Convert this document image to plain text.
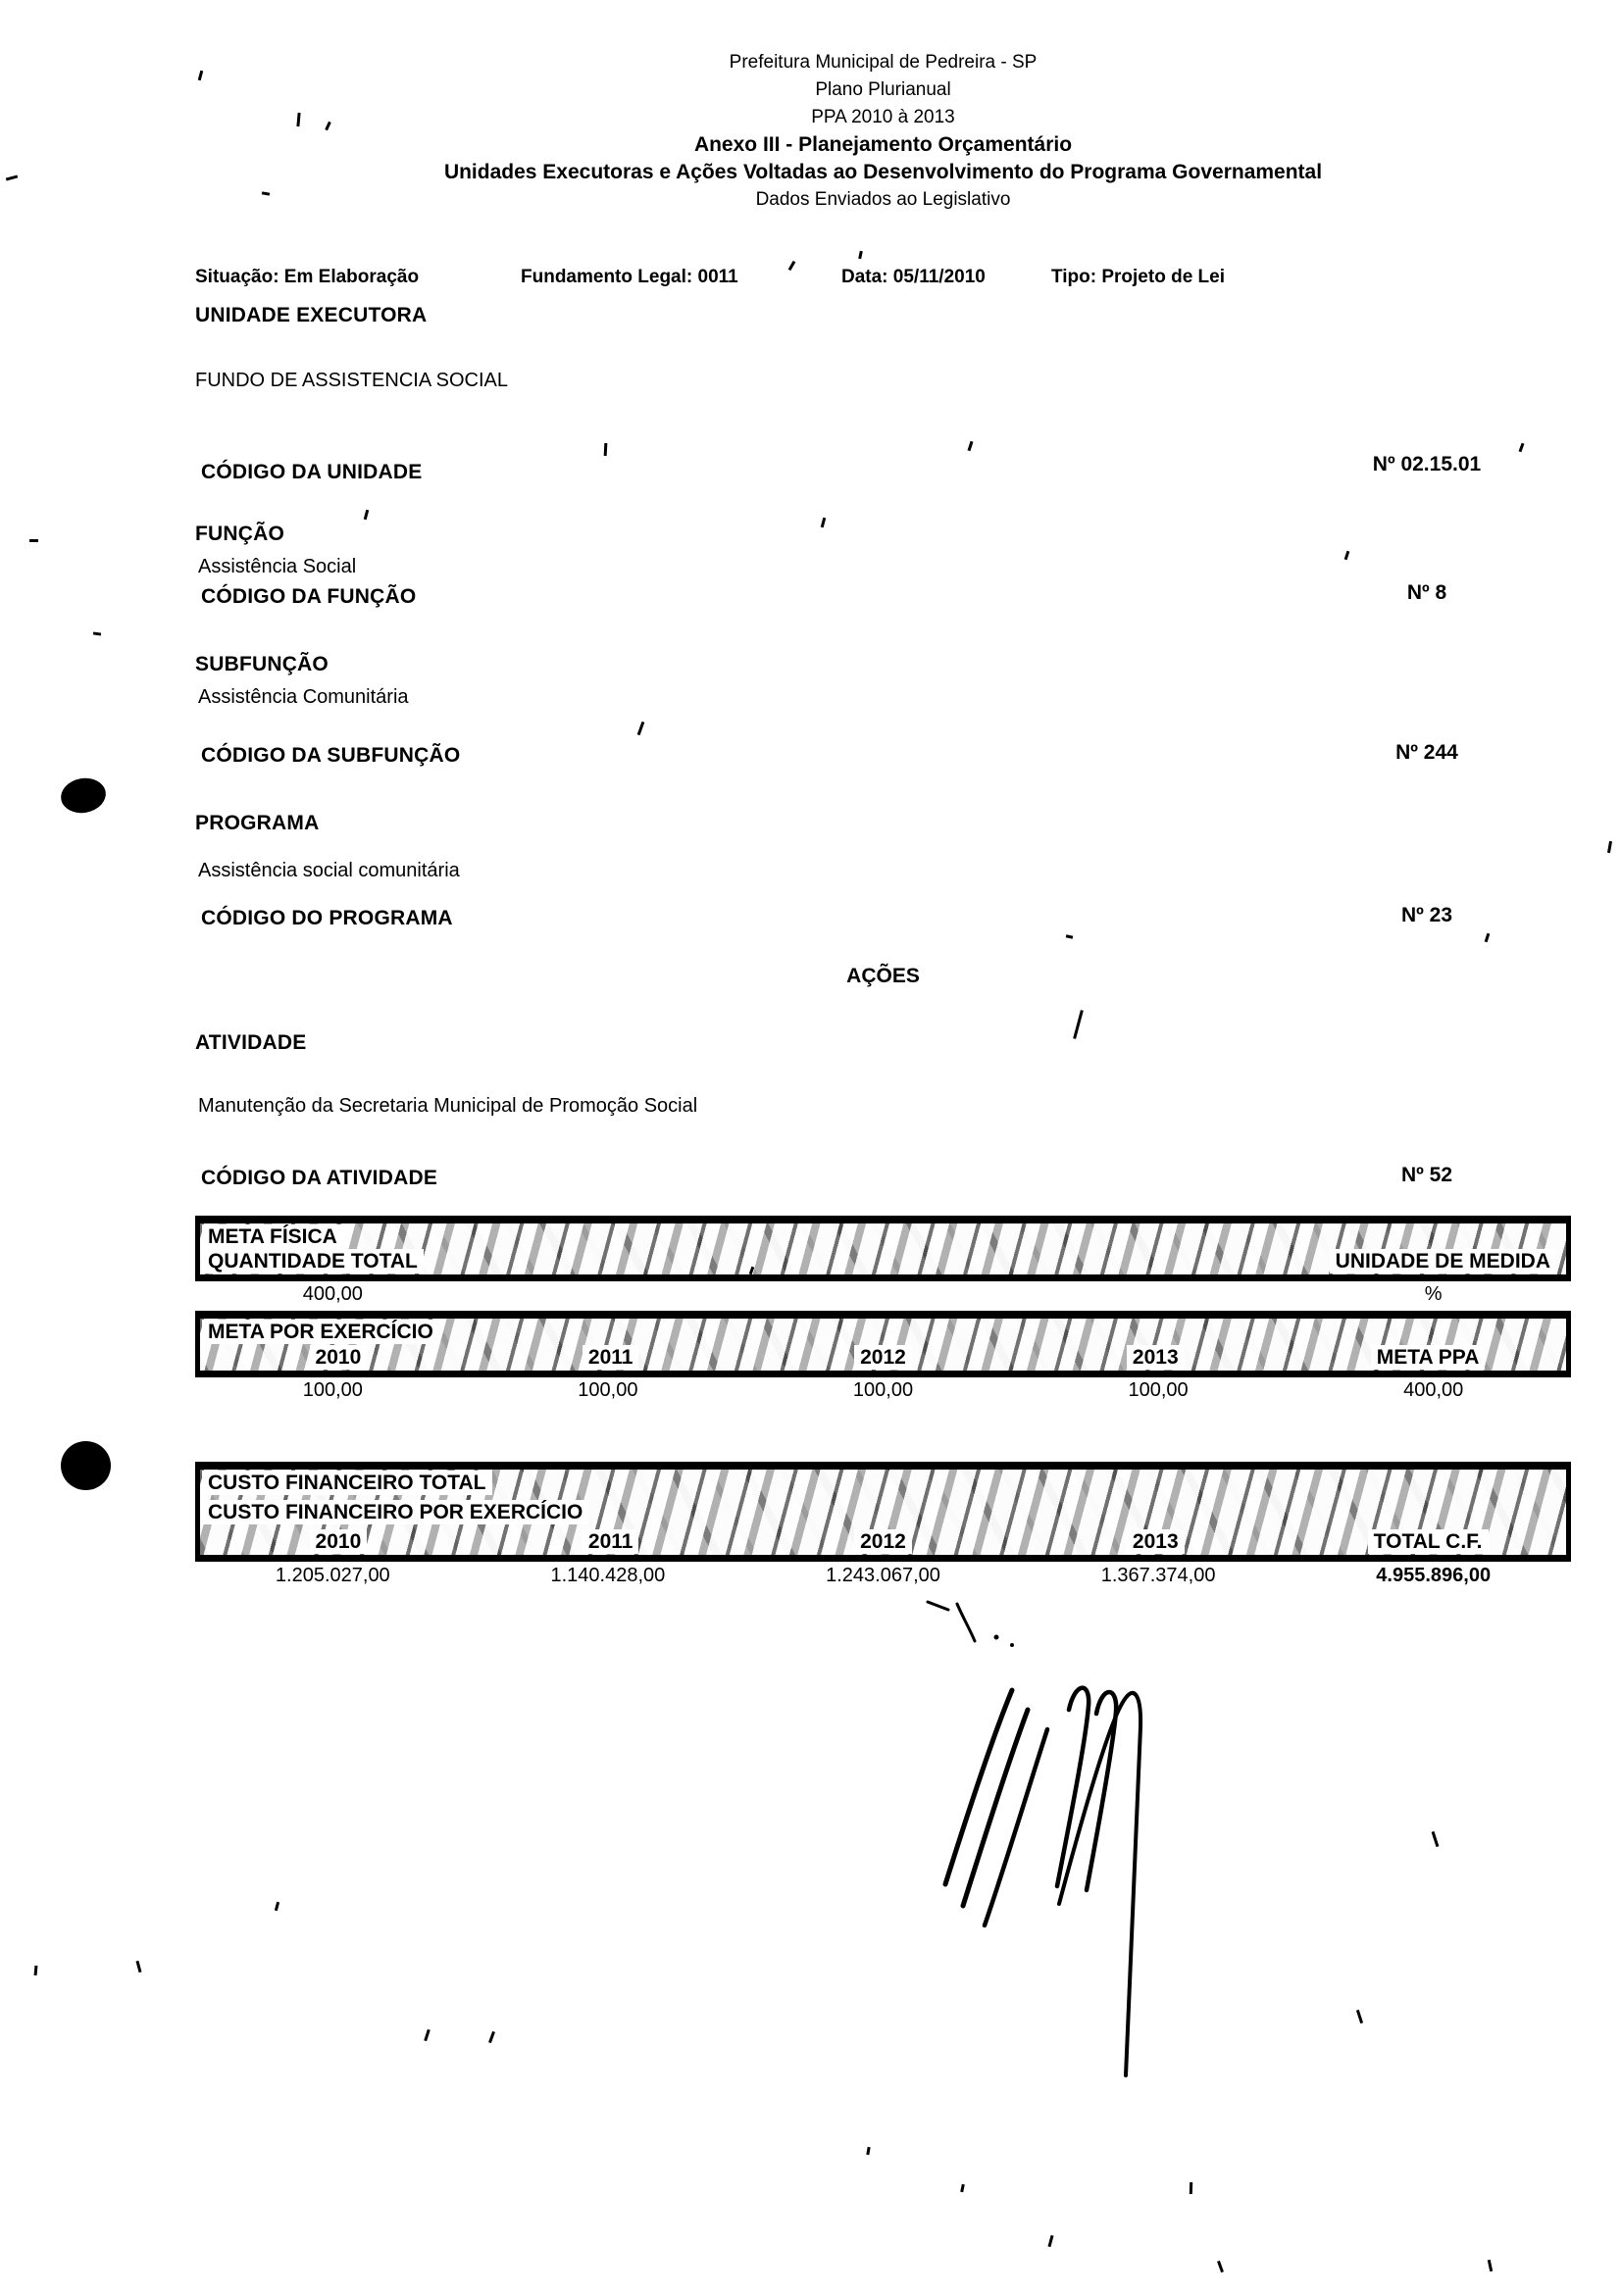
Prefeitura Municipal de Pedreira - SP
Plano Plurianual
PPA 2010 à 2013
Anexo III - Planejamento Orçamentário
Unidades Executoras e Ações Voltadas ao Desenvolvimento do Programa Governamental
Dados Enviados ao Legislativo
Situação: Em Elaboração	Fundamento Legal: 0011	Data: 05/11/2010	Tipo: Projeto de Lei
UNIDADE EXECUTORA
FUNDO DE ASSISTENCIA SOCIAL
CÓDIGO DA UNIDADE	Nº 02.15.01
FUNÇÃO
Assistência Social
CÓDIGO DA FUNÇÃO	Nº 8
SUBFUNÇÃO
Assistência Comunitária
CÓDIGO DA SUBFUNÇÃO	Nº 244
PROGRAMA
Assistência social comunitária
CÓDIGO DO PROGRAMA	Nº 23
AÇÕES
ATIVIDADE
Manutenção da Secretaria Municipal de Promoção Social
CÓDIGO DA ATIVIDADE	Nº 52
META FÍSICA
QUANTIDADE TOTAL	UNIDADE DE MEDIDA
400,00	%
META POR EXERCÍCIO
2010	2011	2012	2013	META PPA
100,00	100,00	100,00	100,00	400,00
CUSTO FINANCEIRO TOTAL
CUSTO FINANCEIRO POR EXERCÍCIO
2010	2011	2012	2013	TOTAL C.F.
1.205.027,00	1.140.428,00	1.243.067,00	1.367.374,00	4.955.896,00
